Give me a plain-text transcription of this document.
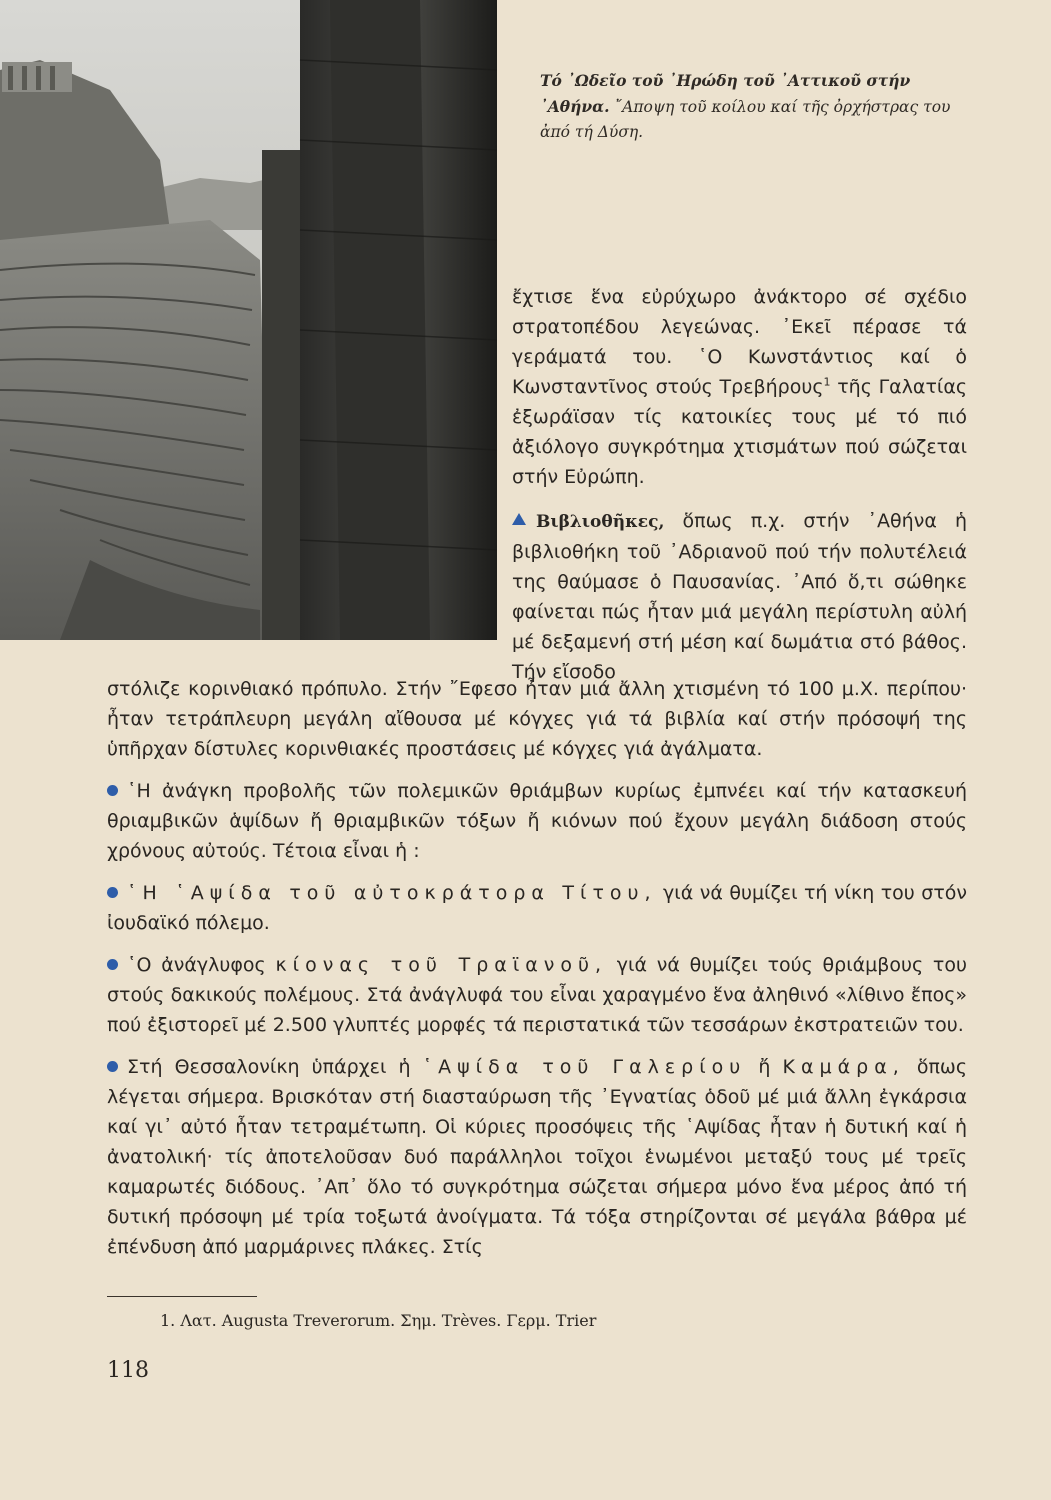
Τό ᾽Ωδεῖο τοῦ ᾽Ηρώδη τοῦ ᾽Αττικοῦ στήν ᾽Αθήνα. ῎Αποψη τοῦ κοίλου καί τῆς ὀρχήστρας του ἀπό τή Δύση.

ἔχτισε ἕνα εὐρύχωρο ἀνάκτορο σέ σχέδιο στρατοπέδου λεγεώνας. ᾽Εκεῖ πέρασε τά γεράματά του. ῾Ο Κωνστάντιος καί ὁ Κωνσταντῖνος στούς Τρεβήρους$^1$ τῆς Γαλατίας ἐξωράϊσαν τίς κατοικίες τους μέ τό πιό ἀξιόλογο συγκρότημα χτισμάτων πού σώζεται στήν Εὐρώπη.

Βιβλιοθῆκες, ὅπως π.χ. στήν ᾽Αθήνα ἡ βιβλιοθήκη τοῦ ᾽Αδριανοῦ πού τήν πολυτέλειά της θαύμασε ὁ Παυσανίας. ᾽Από ὅ,τι σώθηκε φαίνεται πώς ἦταν μιά μεγάλη περίστυλη αὐλή μέ δεξαμενή στή μέση καί δωμάτια στό βάθος. Τήν εἴσοδο

στόλιζε κορινθιακό πρόπυλο. Στήν ῎Εφεσο ἦταν μιά ἄλλη χτισμένη τό 100 μ.Χ. περίπου· ἦταν τετράπλευρη μεγάλη αἴθουσα μέ κόγχες γιά τά βιβλία καί στήν πρόσοψή της ὑπῆρχαν δίστυλες κορινθιακές προστάσεις μέ κόγχες γιά ἀγάλματα.

῾Η ἀνάγκη προβολῆς τῶν πολεμικῶν θριάμβων κυρίως ἐμπνέει καί τήν κατασκευή θριαμβικῶν ἁψίδων ἤ θριαμβικῶν τόξων ἤ κιόνων πού ἔχουν μεγάλη διάδοση στούς χρόνους αὐτούς. Τέτοια εἶναι ἡ :

῾Η ῾Αψίδα τοῦ αὐτοκράτορα Τίτου, γιά νά θυμίζει τή νίκη του στόν ἰουδαϊκό πόλεμο.

῾Ο ἀνάγλυφος κίονας τοῦ Τραϊανοῦ, γιά νά θυμίζει τούς θριάμβους του στούς δακικούς πολέμους. Στά ἀνάγλυφά του εἶναι χαραγμένο ἕνα ἀληθινό «λίθινο ἔπος» πού ἐξιστορεῖ μέ 2.500 γλυπτές μορφές τά περιστατικά τῶν τεσσάρων ἐκστρατειῶν του.

Στή Θεσσαλονίκη ὑπάρχει ἡ ῾Αψίδα τοῦ Γαλερίου ἤ Καμάρα, ὅπως λέγεται σήμερα. Βρισκόταν στή διασταύρωση τῆς ᾽Εγνατίας ὁδοῦ μέ μιά ἄλλη ἐγκάρσια καί γι᾽ αὐτό ἦταν τετραμέτωπη. Οἱ κύριες προσόψεις τῆς ῾Αψίδας ἦταν ἡ δυτική καί ἡ ἀνατολική· τίς ἀποτελοῦσαν δυό παράλληλοι τοῖχοι ἑνωμένοι μεταξύ τους μέ τρεῖς καμαρωτές διόδους. ᾽Απ᾽ ὅλο τό συγκρότημα σώζεται σήμερα μόνο ἕνα μέρος ἀπό τή δυτική πρόσοψη μέ τρία τοξωτά ἀνοίγματα. Τά τόξα στηρίζονται σέ μεγάλα βάθρα μέ ἐπένδυση ἀπό μαρμάρινες πλάκες. Στίς

1. Λατ. Augusta Treverorum. Σημ. Trèves. Γερμ. Trier
118
